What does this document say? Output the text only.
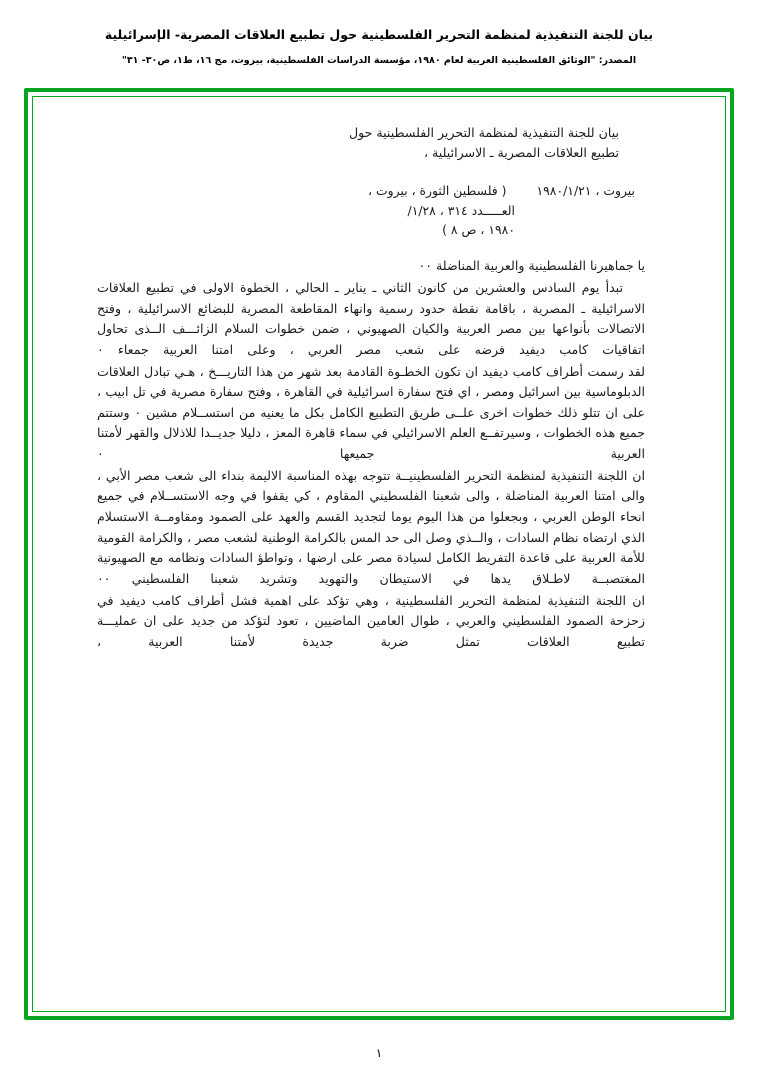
بيان للجنة التنفيذية لمنظمة التحرير الفلسطينية حول تطبيع العلاقات المصرية- الإسرائيلية
المصدر: "الوثائق الفلسطينية العربية لعام ١٩٨٠، مؤسسة الدراسات الفلسطينية، بيروت، مج ١٦، ط١، ص٣٠- ٣١"
بيان للجنة التنفيذية لمنظمة التحرير الفلسطينية حول
تطبيع العلاقات المصرية ـ الاسرائيلية ،
بيروت ، ١٩٨٠/١/٢١
( فلسطين الثورة ، بيروت ،
العـــــدد ٣١٤ ، ١/٢٨/
١٩٨٠ ، ص ٨ )

يا جماهيرنا الفلسطينية والعربية المناضلة ٠٠

تبدأ يوم السادس والعشرين من كانون الثاني ـ يناير ـ الحالي ، الخطوة الاولى في تطبيع العلاقات الاسرائيلية ـ المصرية ، باقامة نقطة حدود رسمية وانهاء المقاطعة المصرية للبضائع الاسرائيلية ، وفتح الاتصالات بأنواعها بين مصر العربية والكيان الصهيوني ، ضمن خطوات السلام الزائـــف الــذى تحاول اتفاقيات كامب ديفيد فرضه على شعب مصر العربي ، وعلى امتنا العربية جمعاء ٠

لقد رسمت أطراف كامب ديفيد ان تكون الخطـوة القادمة بعد شهر من هذا التاريـــخ ، هـي تبادل العلاقات الدبلوماسية بين اسرائيل ومصر ، اي فتح سفارة اسرائيلية في القاهرة ، وفتح سفارة مصرية في تل ابيب ، على ان تتلو ذلك خطوات اخرى علــى طريق التطبيع الكامل بكل ما يعنيه من استســلام مشين ٠ وستتم جميع هذه الخطوات ، وسيرتفــع العلم الاسرائيلي في سماء قاهرة المعز ، دليلا جديــدا للاذلال والقهر لأمتنا العربية جميعها ٠

ان اللجنة التنفيذية لمنظمة التحرير الفلسطينيــة تتوجه بهذه المناسبة الاليمة بنداء الى شعب مصر الأبي ، والى امتنا العربية المناضلة ، والى شعبنا الفلسطيني المقاوم ، كي يقفوا في وجه الاستســلام في جميع انحاء الوطن العربي ، وبجعلوا من هذا اليوم يوما لتجديد القسم والعهد على الصمود ومقاومــة الاستسلام الذي ارتضاه نظام السادات ، والــذي وصل الى حد المس بالكرامة الوطنية لشعب مصر ، والكرامة القومية للأمة العربية على قاعدة التفريط الكامل لسيادة مصر على ارضها ، وتواطؤ السادات ونظامه مع الصهيونية المغتصبــة لاطـلاق يدها في الاستيطان والتهويد وتشريد شعبنا الفلسطيني ٠٠

ان اللجنة التنفيذية لمنظمة التحرير الفلسطينية ، وهي تؤكد على اهمية فشل أطراف كامب ديفيد في زحزحة الصمود الفلسطيني والعربي ، طوال العامين الماضيين ، تعود لتؤكد من جديد على ان عمليـــة تطبيع العلاقات تمثل ضربة جديدة لأمتنا العربية ،

١
